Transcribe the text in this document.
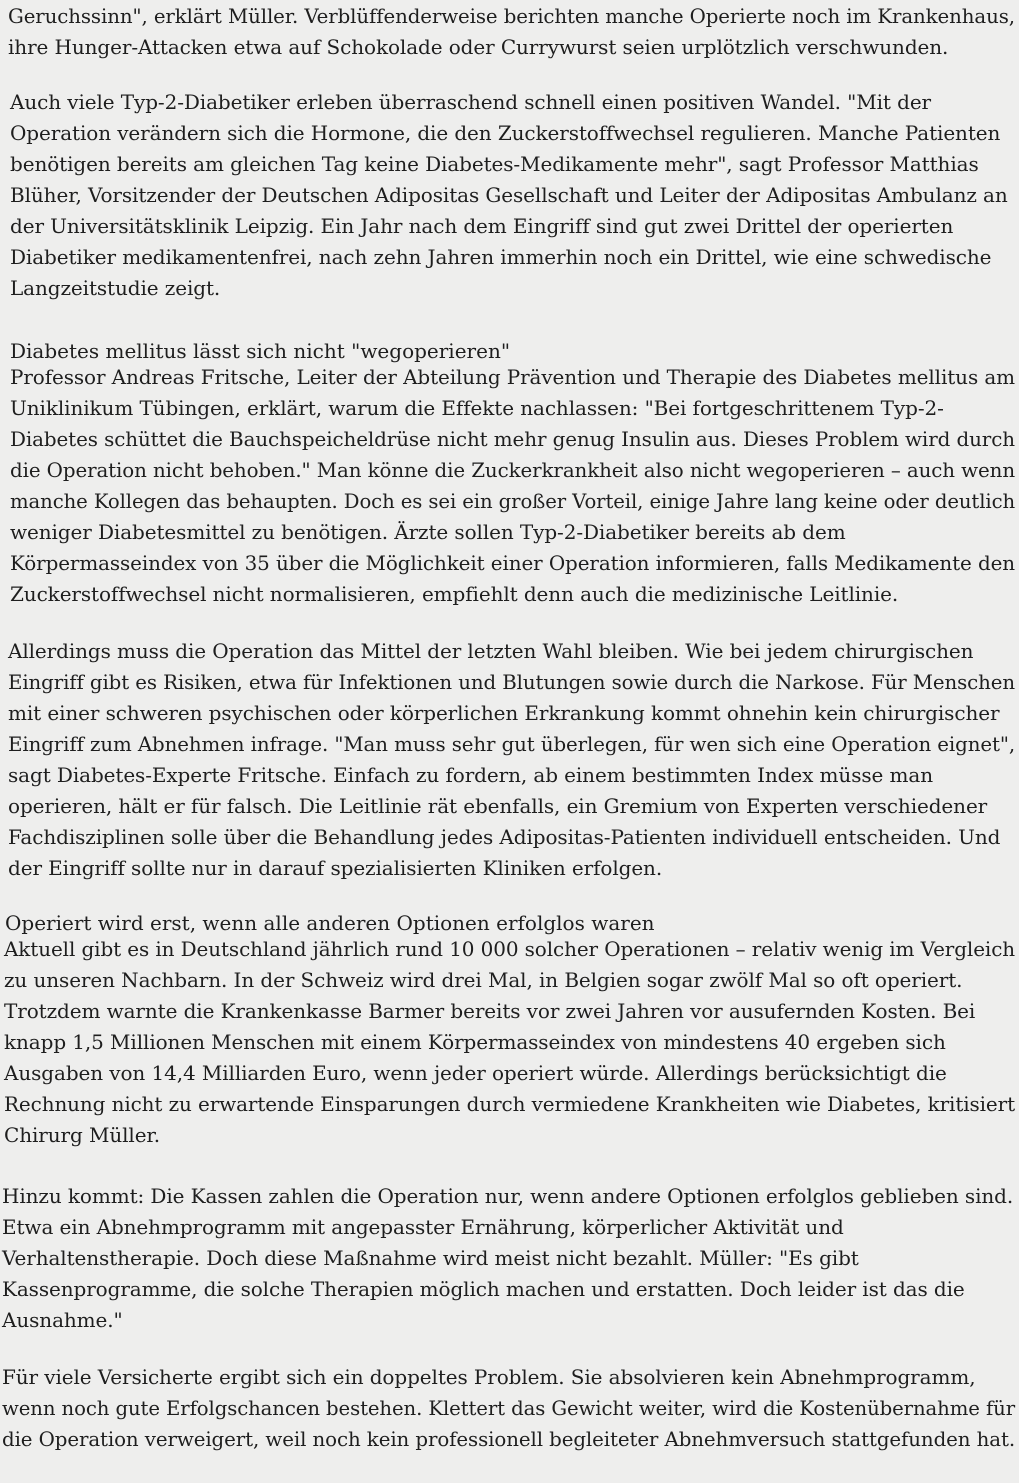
Geruchssinn", erklärt Müller. Verblüffenderweise berichten manche Operierte noch im Krankenhaus,
ihre Hunger-Attacken etwa auf Schokolade oder Currywurst seien urplötzlich verschwunden.
Auch viele Typ-2-Diabetiker erleben überraschend schnell einen positiven Wandel. "Mit der
Operation verändern sich die Hormone, die den Zuckerstoffwechsel regulieren. Manche Patienten
benötigen bereits am gleichen Tag keine Diabetes-Medikamente mehr", sagt Professor Matthias
Blüher, Vorsitzender der Deutschen Adipositas Gesellschaft und Leiter der Adipositas Ambulanz an
der Universitätsklinik Leipzig. Ein Jahr nach dem Eingriff sind gut zwei Drittel der operierten
Diabetiker medikamentenfrei, nach zehn Jahren immerhin noch ein Drittel, wie eine schwedische
Langzeitstudie zeigt.
Diabetes mellitus lässt sich nicht "wegoperieren"
Professor Andreas Fritsche, Leiter der Abteilung Prävention und Therapie des Diabetes mellitus am
Uniklinikum Tübingen, erklärt, warum die Effekte nachlassen: "Bei fortgeschrittenem Typ-2-
Diabetes schüttet die Bauchspeicheldrüse nicht mehr genug Insulin aus. Dieses Problem wird durch
die Operation nicht behoben." Man könne die Zuckerkrankheit also nicht wegoperieren – auch wenn
manche Kollegen das behaupten. Doch es sei ein großer Vorteil, einige Jahre lang keine oder deutlich
weniger Diabetesmittel zu benötigen. Ärzte sollen Typ-2-Diabetiker bereits ab dem
Körpermasseindex von 35 über die Möglichkeit einer Operation informieren, falls Medikamente den
Zuckerstoffwechsel nicht normalisieren, empfiehlt denn auch die medizinische Leitlinie.
Allerdings muss die Operation das Mittel der letzten Wahl bleiben. Wie bei jedem chirurgischen
Eingriff gibt es Risiken, etwa für Infektionen und Blutungen sowie durch die Narkose. Für Menschen
mit einer schweren psychischen oder körperlichen Erkrankung kommt ohnehin kein chirurgischer
Eingriff zum Abnehmen infrage. "Man muss sehr gut überlegen, für wen sich eine Operation eignet",
sagt Diabetes-Experte Fritsche. Einfach zu fordern, ab einem bestimmten Index müsse man
operieren, hält er für falsch. Die Leitlinie rät ebenfalls, ein Gremium von Experten verschiedener
Fachdisziplinen solle über die Behandlung jedes Adipositas-Patienten individuell entscheiden. Und
der Eingriff sollte nur in darauf spezialisierten Kliniken erfolgen.
Operiert wird erst, wenn alle anderen Optionen erfolglos waren
Aktuell gibt es in Deutschland jährlich rund 10 000 solcher Operationen – relativ wenig im Vergleich
zu unseren Nachbarn. In der Schweiz wird drei Mal, in Belgien sogar zwölf Mal so oft operiert.
Trotzdem warnte die Krankenkasse Barmer bereits vor zwei Jahren vor ausufernden Kosten. Bei
knapp 1,5 Millionen Menschen mit einem Körpermasseindex von mindestens 40 ergeben sich
Ausgaben von 14,4 Milliarden Euro, wenn jeder operiert würde. Allerdings berücksichtigt die
Rechnung nicht zu erwartende Einsparungen durch vermiedene Krankheiten wie Diabetes, kritisiert
Chirurg Müller.
Hinzu kommt: Die Kassen zahlen die Operation nur, wenn andere Optionen erfolglos geblieben sind.
Etwa ein Abnehmprogramm mit angepasster Ernährung, körperlicher Aktivität und
Verhaltenstherapie. Doch diese Maßnahme wird meist nicht bezahlt. Müller: "Es gibt
Kassenprogramme, die solche Therapien möglich machen und erstatten. Doch leider ist das die
Ausnahme."
Für viele Versicherte ergibt sich ein doppeltes Problem. Sie absolvieren kein Abnehmprogramm,
wenn noch gute Erfolgschancen bestehen. Klettert das Gewicht weiter, wird die Kostenübernahme für
die Operation verweigert, weil noch kein professionell begleiteter Abnehmversuch stattgefunden hat.
